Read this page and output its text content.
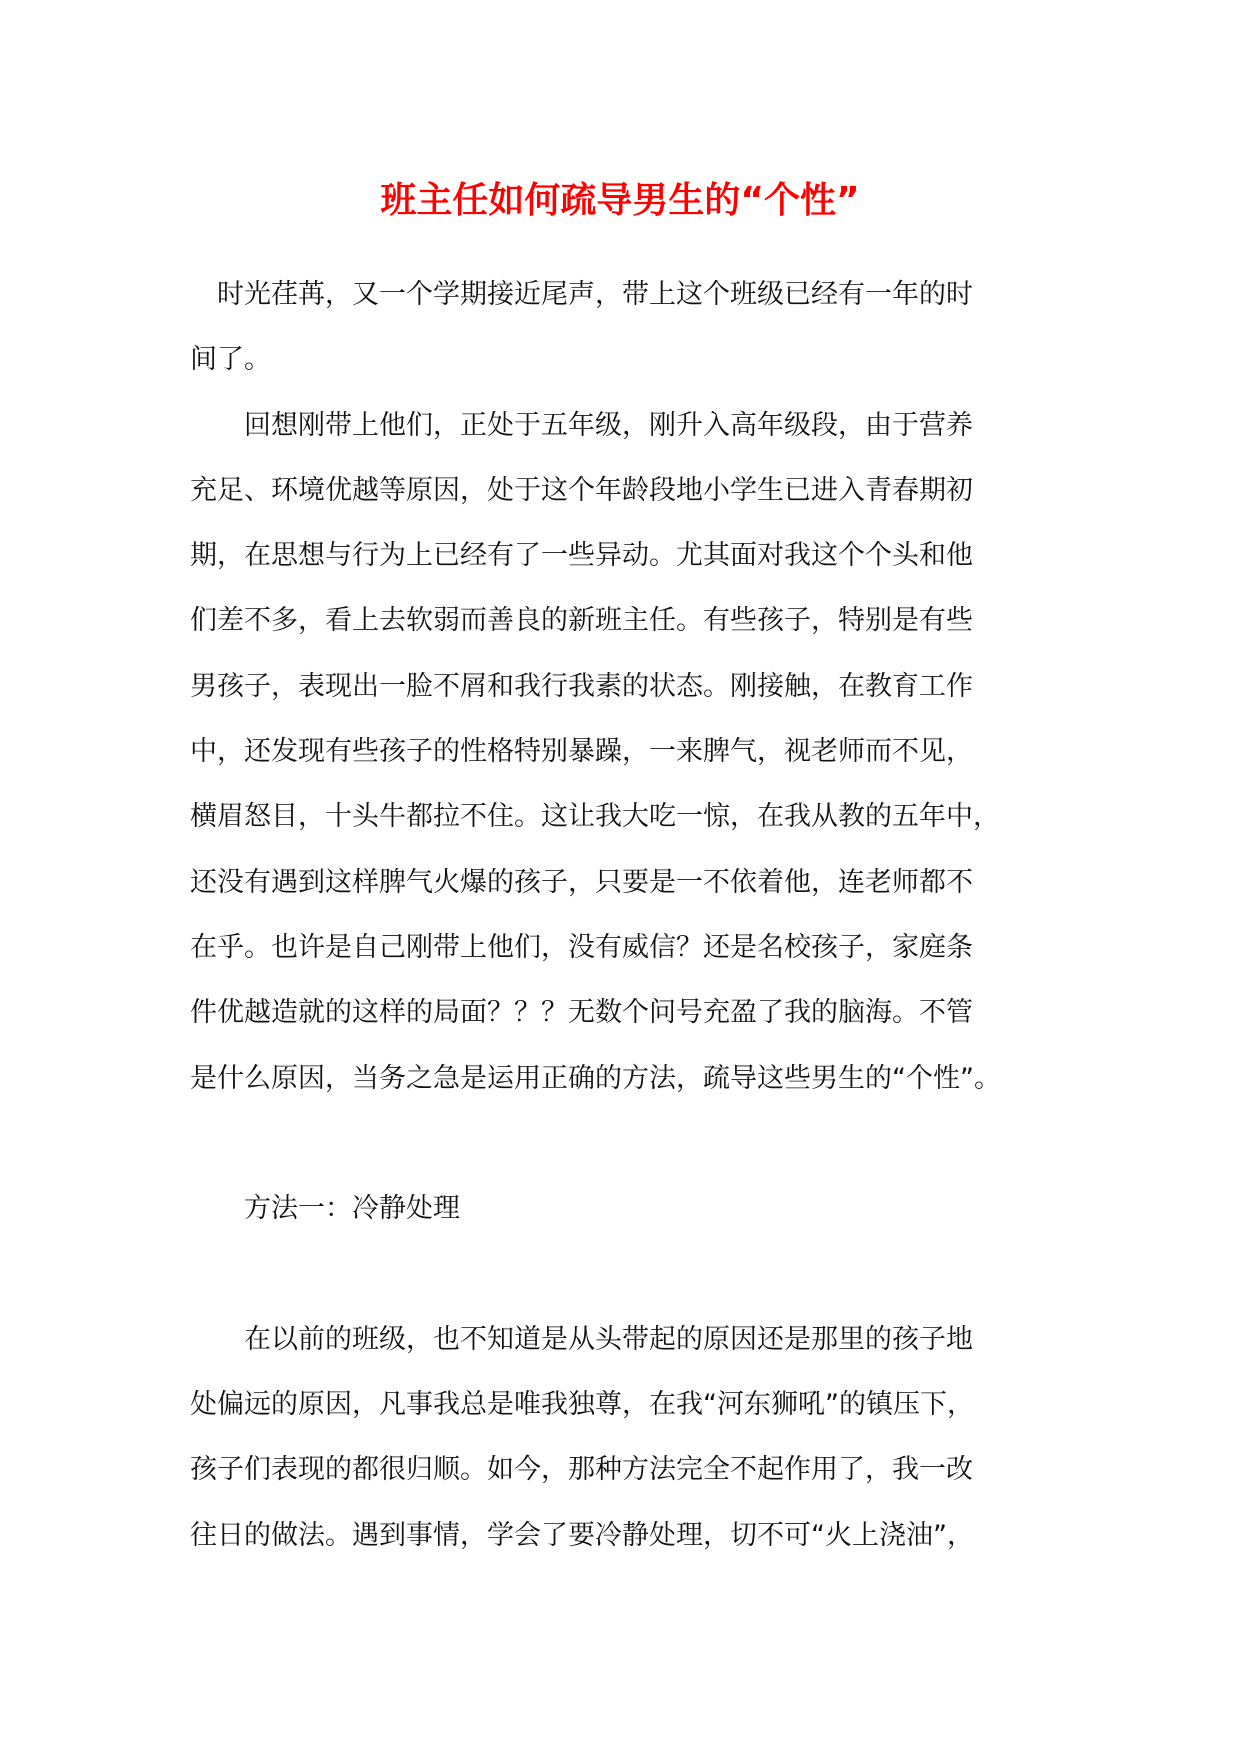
班主任如何疏导男生的“个性”
　时光荏苒，又一个学期接近尾声，带上这个班级已经有一年的时
间了。
　　回想刚带上他们，正处于五年级，刚升入高年级段，由于营养
充足、环境优越等原因，处于这个年龄段地小学生已进入青春期初
期，在思想与行为上已经有了一些异动。尤其面对我这个个头和他
们差不多，看上去软弱而善良的新班主任。有些孩子，特别是有些
男孩子，表现出一脸不屑和我行我素的状态。刚接触，在教育工作
中，还发现有些孩子的性格特别暴躁，一来脾气，视老师而不见，
横眉怒目，十头牛都拉不住。这让我大吃一惊，在我从教的五年中，
还没有遇到这样脾气火爆的孩子，只要是一不依着他，连老师都不
在乎。也许是自己刚带上他们，没有威信？还是名校孩子，家庭条
件优越造就的这样的局面？？？无数个问号充盈了我的脑海。不管
是什么原因，当务之急是运用正确的方法，疏导这些男生的“个性”。
　　方法一：冷静处理
　　在以前的班级，也不知道是从头带起的原因还是那里的孩子地
处偏远的原因，凡事我总是唯我独尊，在我“河东狮吼”的镇压下，
孩子们表现的都很归顺。如今，那种方法完全不起作用了，我一改
往日的做法。遇到事情，学会了要冷静处理，切不可“火上浇油”，
